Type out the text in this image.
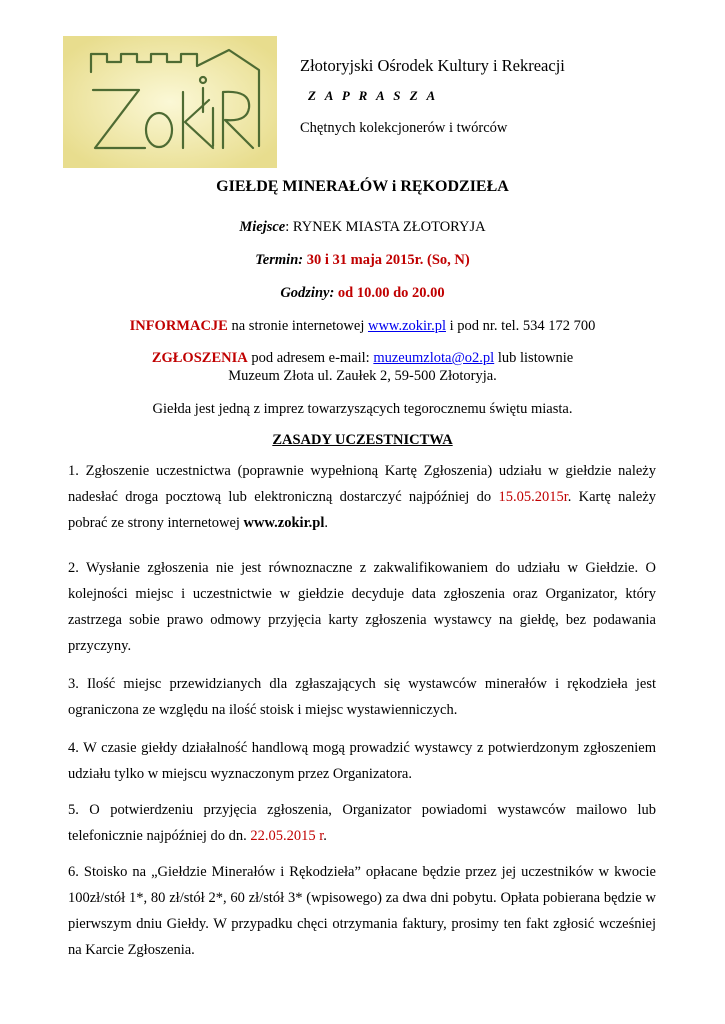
Złotoryjski Ośrodek Kultury i Rekreacji
Z A P R A S Z A
Chętnych kolekcjonerów i twórców
GIEŁDĘ MINERAŁÓW i RĘKODZIEŁA
Miejsce: RYNEK MIASTA ZŁOTORYJA
Termin: 30 i 31 maja 2015r. (So, N)
Godziny: od 10.00 do 20.00
INFORMACJE na stronie internetowej www.zokir.pl i pod nr. tel. 534 172 700
ZGŁOSZENIA pod adresem e-mail: muzeumzlota@o2.pl lub listownie
Muzeum Złota ul. Zaułek 2, 59-500 Złotoryja.
Giełda jest jedną z imprez towarzyszących tegorocznemu świętu miasta.
ZASADY UCZESTNICTWA

1. Zgłoszenie uczestnictwa (poprawnie wypełnioną Kartę Zgłoszenia) udziału w giełdzie należy nadesłać droga pocztową lub elektroniczną dostarczyć najpóźniej do 15.05.2015r. Kartę należy pobrać ze strony internetowej www.zokir.pl.

2. Wysłanie zgłoszenia nie jest równoznaczne z zakwalifikowaniem do udziału w Giełdzie. O kolejności miejsc i uczestnictwie w giełdzie decyduje data zgłoszenia oraz Organizator, który zastrzega sobie prawo odmowy przyjęcia karty zgłoszenia wystawcy na giełdę, bez podawania przyczyny.

3. Ilość miejsc przewidzianych dla zgłaszających się wystawców minerałów i rękodzieła jest ograniczona ze względu na ilość stoisk i miejsc wystawienniczych.

4. W czasie giełdy działalność handlową mogą prowadzić wystawcy z potwierdzonym zgłoszeniem udziału tylko w miejscu wyznaczonym przez Organizatora.

5. O potwierdzeniu przyjęcia zgłoszenia, Organizator powiadomi wystawców mailowo lub telefonicznie najpóźniej do dn. 22.05.2015 r.

6. Stoisko na „Giełdzie Minerałów i Rękodzieła” opłacane będzie przez jej uczestników w kwocie 100zł/stół 1*, 80 zł/stół 2*, 60 zł/stół 3* (wpisowego) za dwa dni pobytu. Opłata pobierana będzie w pierwszym dniu Giełdy. W przypadku chęci otrzymania faktury, prosimy ten fakt zgłosić wcześniej na Karcie Zgłoszenia.
